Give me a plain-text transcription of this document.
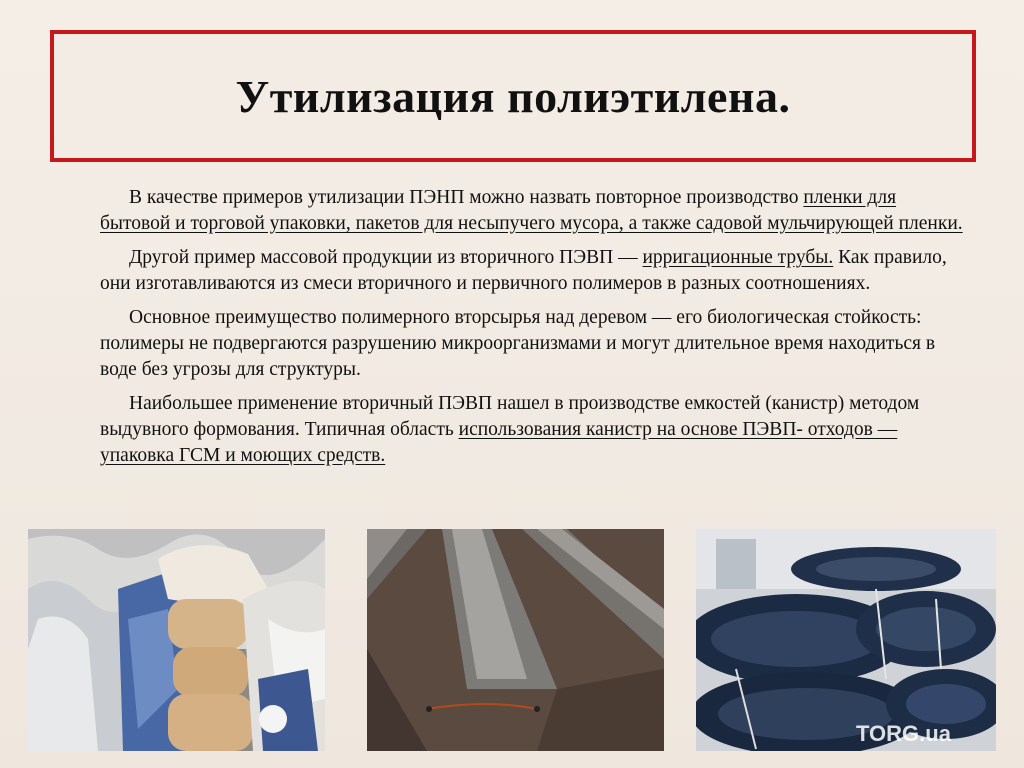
Утилизация полиэтилена.

В качестве примеров утилизации ПЭНП можно назвать повторное производство пленки для бытовой и торговой упаковки, пакетов для несыпучего мусора, а также садовой мульчирующей пленки.

Другой пример массовой продукции из вторичного ПЭВП — ирригационные трубы. Как правило, они изготавливаются из смеси вторичного и первичного полимеров в разных соотношениях.

Основное преимущество полимерного вторсырья над деревом — его биологическая стойкость: полимеры не подвергаются разрушению микроорганизмами и могут длительное время находиться в воде без угрозы для структуры.

Наибольшее применение вторичный ПЭВП нашел в производстве емкостей (канистр) методом выдувного формования. Типичная область использования канистр на основе ПЭВП- отходов — упаковка ГСМ и моющих средств.

TORG.ua
